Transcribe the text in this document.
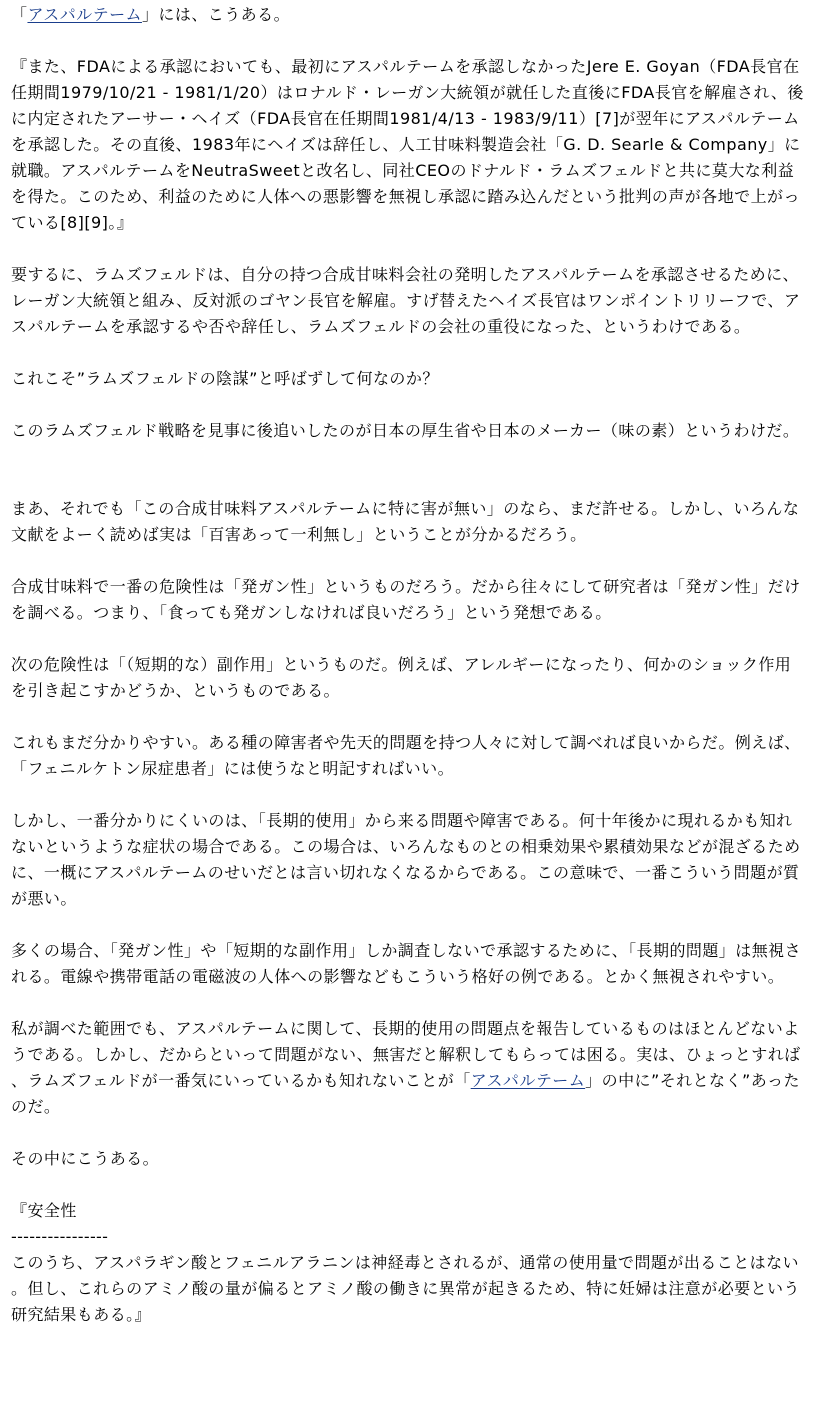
「アスパルテーム」には、こうある。

『また、FDAによる承認においても、最初にアスパルテームを承認しなかったJere E. Goyan（FDA長官在任期間1979/10/21 - 1981/1/20）はロナルド・レーガン大統領が就任した直後にFDA長官を解雇され、後に内定されたアーサー・ヘイズ（FDA長官在任期間1981/4/13 - 1983/9/11）[7]が翌年にアスパルテームを承認した。その直後、1983年にヘイズは辞任し、人工甘味料製造会社「G. D. Searle & Company」に就職。アスパルテームをNeutraSweetと改名し、同社CEOのドナルド・ラムズフェルドと共に莫大な利益を得た。このため、利益のために人体への悪影響を無視し承認に踏み込んだという批判の声が各地で上がっている[8][9]。』

要するに、ラムズフェルドは、自分の持つ合成甘味料会社の発明したアスパルテームを承認させるために、レーガン大統領と組み、反対派のゴヤン長官を解雇。すげ替えたヘイズ長官はワンポイントリリーフで、アスパルテームを承認するや否や辞任し、ラムズフェルドの会社の重役になった、というわけである。

これこそ”ラムズフェルドの陰謀”と呼ばずして何なのか？

このラムズフェルド戦略を見事に後追いしたのが日本の厚生省や日本のメーカー（味の素）というわけだ。

まあ、それでも「この合成甘味料アスパルテームに特に害が無い」のなら、まだ許せる。しかし、いろんな文献をよーく読めば実は「百害あって一利無し」ということが分かるだろう。

合成甘味料で一番の危険性は「発ガン性」というものだろう。だから往々にして研究者は「発ガン性」だけを調べる。つまり、「食っても発ガンしなければ良いだろう」という発想である。

次の危険性は「（短期的な）副作用」というものだ。例えば、アレルギーになったり、何かのショック作用を引き起こすかどうか、というものである。

これもまだ分かりやすい。ある種の障害者や先天的問題を持つ人々に対して調べれば良いからだ。例えば、「フェニルケトン尿症患者」には使うなと明記すればいい。

しかし、一番分かりにくいのは、「長期的使用」から来る問題や障害である。何十年後かに現れるかも知れないというような症状の場合である。この場合は、いろんなものとの相乗効果や累積効果などが混ざるために、一概にアスパルテームのせいだとは言い切れなくなるからである。この意味で、一番こういう問題が質が悪い。

多くの場合、「発ガン性」や「短期的な副作用」しか調査しないで承認するために、「長期的問題」は無視される。電線や携帯電話の電磁波の人体への影響などもこういう格好の例である。とかく無視されやすい。

私が調べた範囲でも、アスパルテームに関して、長期的使用の問題点を報告しているものはほとんどないようである。しかし、だからといって問題がない、無害だと解釈してもらっては困る。実は、ひょっとすれば、ラムズフェルドが一番気にいっているかも知れないことが「アスパルテーム」の中に”それとなく”あったのだ。

その中にこうある。

『安全性

----------------

このうち、アスパラギン酸とフェニルアラニンは神経毒とされるが、通常の使用量で問題が出ることはない。但し、これらのアミノ酸の量が偏るとアミノ酸の働きに異常が起きるため、特に妊婦は注意が必要という研究結果もある。』
